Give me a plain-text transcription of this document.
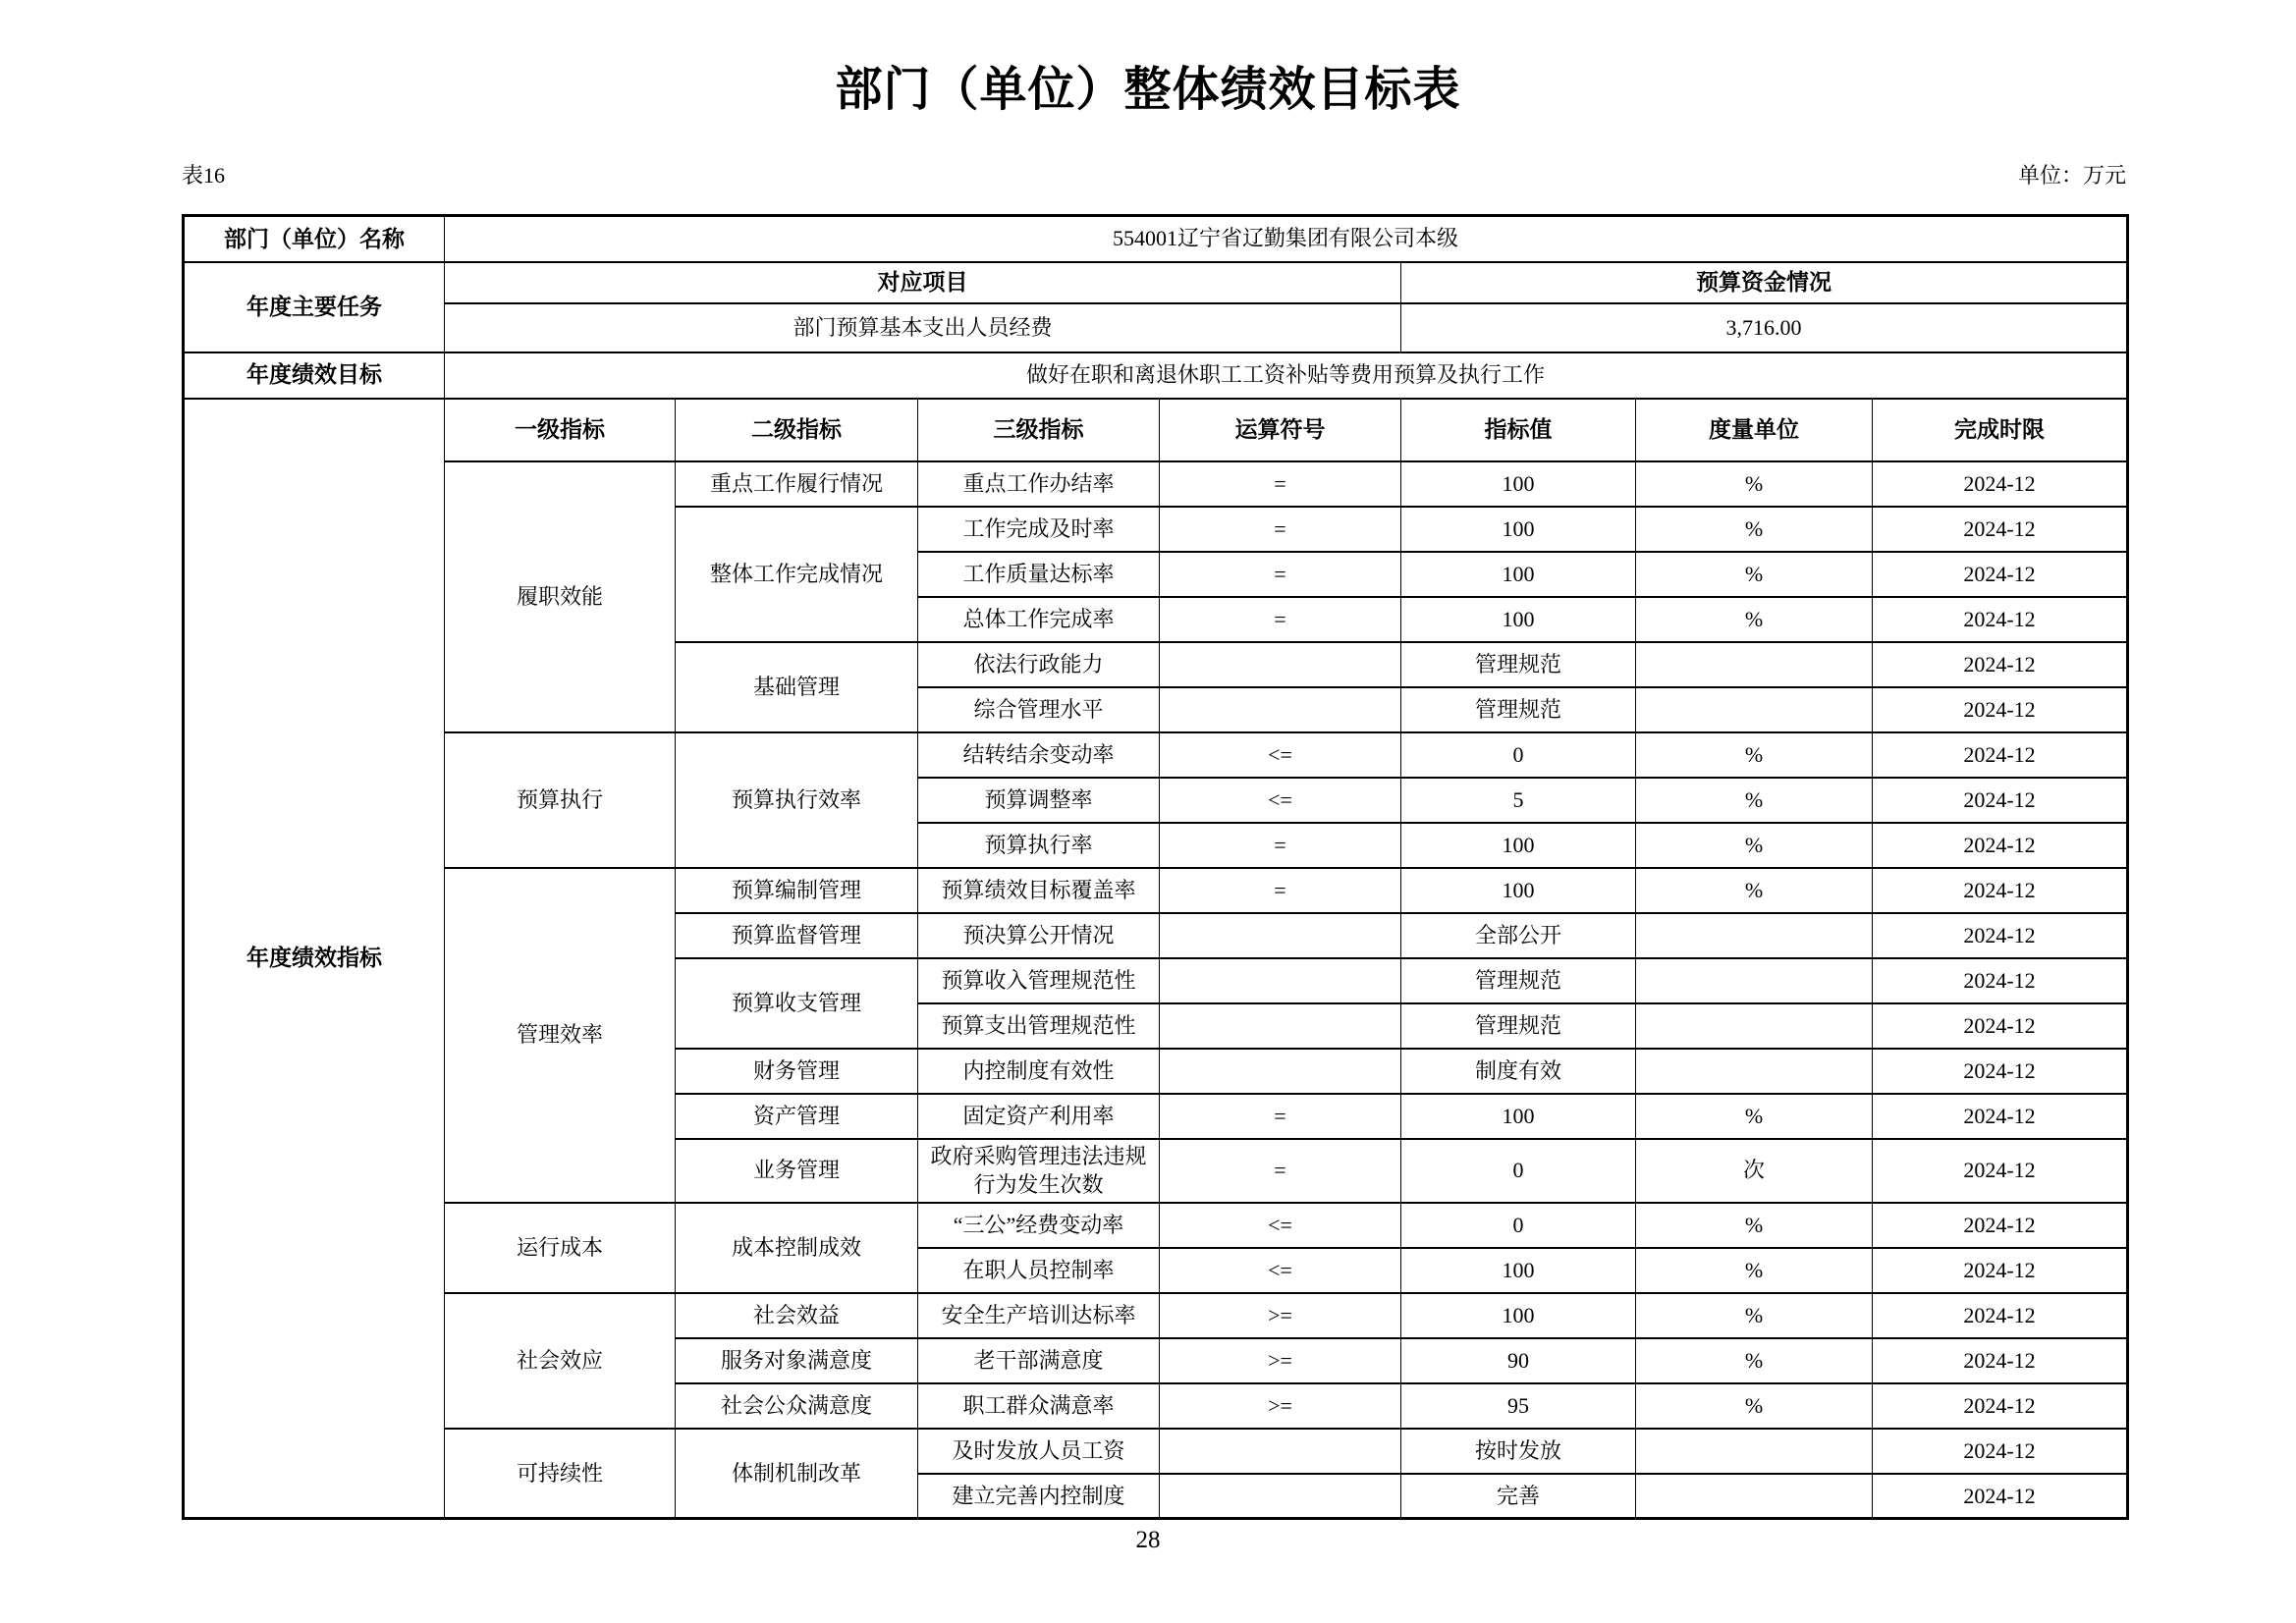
部门（单位）整体绩效目标表
表16	单位：万元
部门（单位）名称	554001辽宁省辽勤集团有限公司本级						
年度主要任务	对应项目				预算资金情况		
	部门预算基本支出人员经费				3,716.00		
年度绩效目标	做好在职和离退休职工工资补贴等费用预算及执行工作						
年度绩效指标	一级指标	二级指标	三级指标	运算符号	指标值	度量单位	完成时限
	履职效能	重点工作履行情况	重点工作办结率	=	100	%	2024-12
		整体工作完成情况	工作完成及时率	=	100	%	2024-12
			工作质量达标率	=	100	%	2024-12
			总体工作完成率	=	100	%	2024-12
		基础管理	依法行政能力		管理规范		2024-12
			综合管理水平		管理规范		2024-12
	预算执行	预算执行效率	结转结余变动率	<=	0	%	2024-12
			预算调整率	<=	5	%	2024-12
			预算执行率	=	100	%	2024-12
	管理效率	预算编制管理	预算绩效目标覆盖率	=	100	%	2024-12
		预算监督管理	预决算公开情况		全部公开		2024-12
		预算收支管理	预算收入管理规范性		管理规范		2024-12
			预算支出管理规范性		管理规范		2024-12
		财务管理	内控制度有效性		制度有效		2024-12
		资产管理	固定资产利用率	=	100	%	2024-12
		业务管理	政府采购管理违法违规行为发生次数	=	0	次	2024-12
	运行成本	成本控制成效	“三公”经费变动率	<=	0	%	2024-12
			在职人员控制率	<=	100	%	2024-12
	社会效应	社会效益	安全生产培训达标率	>=	100	%	2024-12
		服务对象满意度	老干部满意度	>=	90	%	2024-12
		社会公众满意度	职工群众满意率	>=	95	%	2024-12
	可持续性	体制机制改革	及时发放人员工资		按时发放		2024-12
			建立完善内控制度		完善		2024-12
28
